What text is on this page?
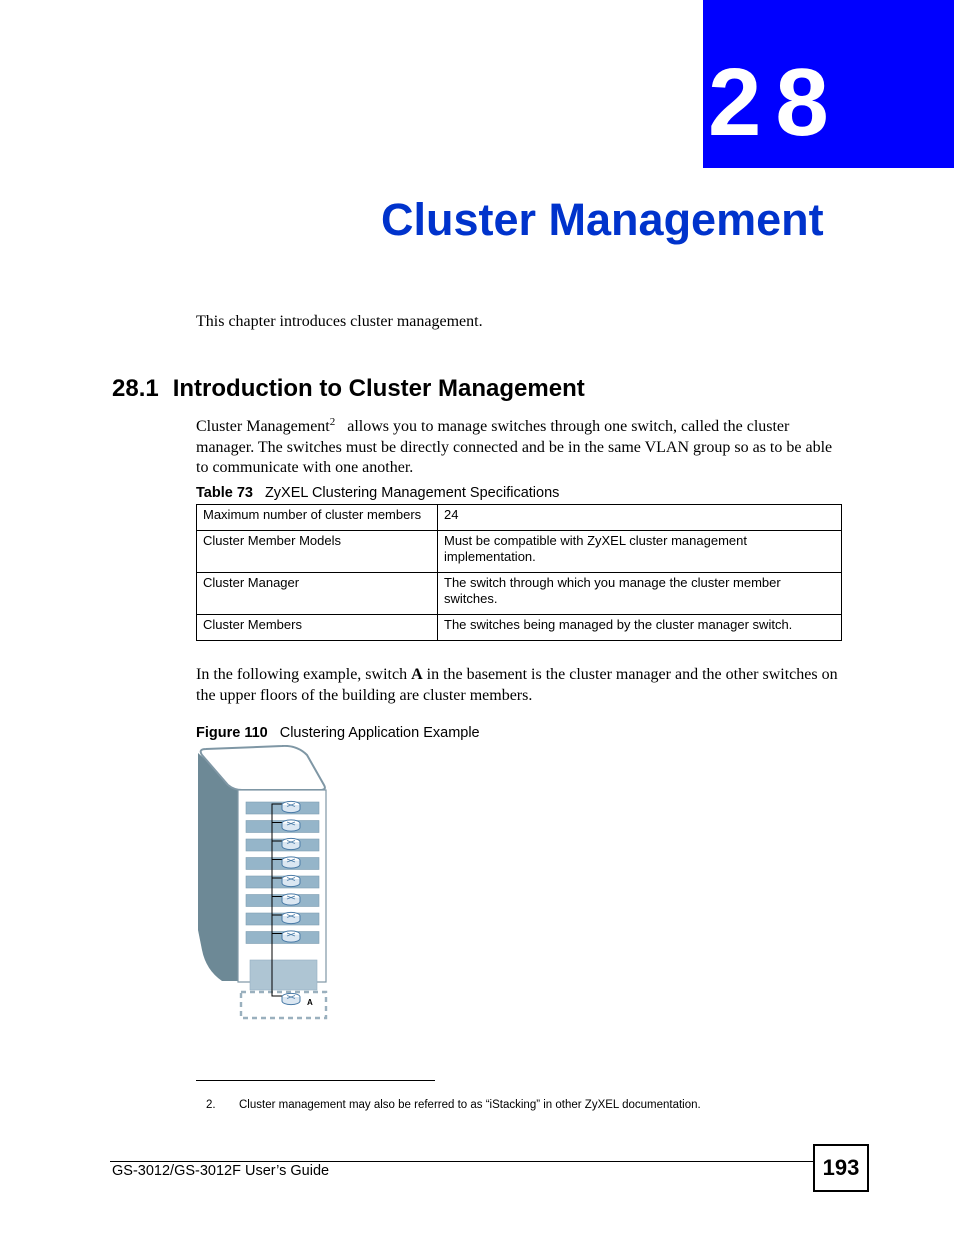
28
Cluster Management
This chapter introduces cluster management.
28.1 Introduction to Cluster Management
Cluster Management$^2$ allows you to manage switches through one switch, called the cluster manager. The switches must be directly connected and be in the same VLAN group so as to be able to communicate with one another.
Table 73 ZyXEL Clustering Management Specifications
Maximum number of cluster members	24
Cluster Member Models	Must be compatible with ZyXEL cluster management implementation.
Cluster Manager	The switch through which you manage the cluster member switches.
Cluster Members	The switches being managed by the cluster manager switch.
In the following example, switch A in the basement is the cluster manager and the other switches on the upper floors of the building are cluster members.
Figure 110 Clustering Application Example
A
2. Cluster management may also be referred to as “iStacking” in other ZyXEL documentation.
GS-3012/GS-3012F User’s Guide	193
